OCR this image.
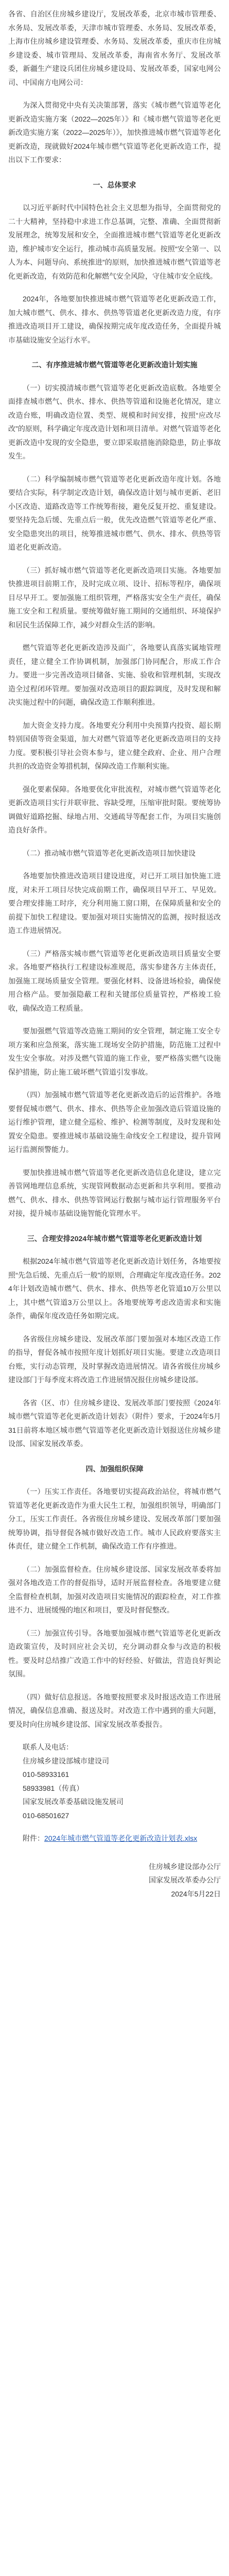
各省、自治区住房城乡建设厅，发展改革委，北京市城市管理委、水务局、发展改革委，天津市城市管理委、水务局、发展改革委，上海市住房城乡建设管理委、水务局、发展改革委，重庆市住房城乡建设委、城市管理局、发展改革委，海南省水务厅、发展改革委，新疆生产建设兵团住房城乡建设局、发展改革委，国家电网公司、中国南方电网公司：

为深入贯彻党中央有关决策部署，落实《城市燃气管道等老化更新改造实施方案（2022—2025年）》和《城市燃气管道等老化更新改造实施方案（2022—2025年）》，加快推进城市燃气管道等老化更新改造，现就做好2024年城市燃气管道等老化更新改造工作，提出以下工作要求：

一、总体要求

以习近平新时代中国特色社会主义思想为指导，全面贯彻党的二十大精神，坚持稳中求进工作总基调，完整、准确、全面贯彻新发展理念，统筹发展和安全，全面推进城市燃气管道等老化更新改造，维护城市安全运行，推动城市高质量发展。按照“安全第一、以人为本、问题导向、系统推进”的原则，加快推进城市燃气管道等老化更新改造，有效防范和化解燃气安全风险，守住城市安全底线。

2024年，各地要加快推进城市燃气管道等老化更新改造工作，加大城市燃气、供水、排水、供热等管道老化更新改造力度，有序推进改造项目开工建设，确保按期完成年度改造任务，全面提升城市基础设施安全运行水平。

二、有序推进城市燃气管道等老化更新改造计划实施

（一）切实摸清城市燃气管道等老化更新改造底数。各地要全面排查城市燃气、供水、排水、供热等管道和设施老化情况，建立改造台账，明确改造位置、类型、规模和时间安排，按照“应改尽改”的原则，科学确定年度改造计划和项目清单。对燃气管道等老化更新改造中发现的安全隐患，要立即采取措施消除隐患，防止事故发生。

（二）科学编制城市燃气管道等老化更新改造年度计划。各地要结合实际，科学制定改造计划，确保改造计划与城市更新、老旧小区改造、道路改造等工作统筹衔接，避免反复开挖、重复建设。要坚持先急后缓、先重点后一般，优先改造燃气管道等老化严重、安全隐患突出的项目，统筹推进城市燃气、供水、排水、供热等管道老化更新改造。

（三）抓好城市燃气管道等老化更新改造项目实施。各地要加快推进项目前期工作，及时完成立项、设计、招标等程序，确保项目尽早开工。要加强施工组织管理，严格落实安全生产责任，确保施工安全和工程质量。要统筹做好施工期间的交通组织、环境保护和居民生活保障工作，减少对群众生活的影响。

燃气管道等老化更新改造涉及面广，各地要认真落实属地管理责任，建立健全工作协调机制，加强部门协同配合，形成工作合力。要进一步完善改造项目储备、实施、验收和管理机制，实现改造全过程闭环管理。要加强对改造项目的跟踪调度，及时发现和解决实施过程中的问题，确保改造工作顺利推进。

加大资金支持力度。各地要充分利用中央预算内投资、超长期特别国债等资金渠道，加大对燃气管道等老化更新改造项目的支持力度。要积极引导社会资本参与，建立健全政府、企业、用户合理共担的改造资金筹措机制，保障改造工作顺利实施。

强化要素保障。各地要优化审批流程，对城市燃气管道等老化更新改造项目实行并联审批、容缺受理，压缩审批时限。要统筹协调做好道路挖掘、绿地占用、交通疏导等配套工作，为项目实施创造良好条件。

（二）推动城市燃气管道等老化更新改造项目加快建设

各地要加快推进改造项目建设进度，对已开工项目加快施工进度，对未开工项目尽快完成前期工作，确保项目早开工、早见效。要合理安排施工时序，充分利用施工窗口期，在保障质量和安全的前提下加快工程建设。要加强对项目实施情况的监测，按时报送改造工作进展情况。

（三）严格落实城市燃气管道等老化更新改造项目质量安全要求。各地要严格执行工程建设标准规范，落实参建各方主体责任，加强施工现场质量安全管理。要强化材料、设备进场检验，确保使用合格产品。要加强隐蔽工程和关键部位质量管控，严格竣工验收，确保改造工程质量。

要加强燃气管道等改造施工期间的安全管理，制定施工安全专项方案和应急预案，落实施工现场安全防护措施，防范施工过程中发生安全事故。对涉及燃气管道的施工作业，要严格落实燃气设施保护措施，防止施工破坏燃气管道引发事故。

（四）加强城市燃气管道等老化更新改造后的运营维护。各地要督促城市燃气、供水、排水、供热等企业加强改造后管道设施的运行维护管理，建立健全巡检、维护、检测等制度，及时发现和处置安全隐患。要推进城市基础设施生命线安全工程建设，提升管网运行监测预警能力。

要加快推进城市燃气管道等老化更新改造信息化建设，建立完善管网地理信息系统，实现管网数据动态更新和共享利用。要推动燃气、供水、排水、供热等管网运行数据与城市运行管理服务平台对接，提升城市基础设施智能化管理水平。

三、合理安排2024年城市燃气管道等老化更新改造计划

根据2024年城市燃气管道等老化更新改造计划任务，各地要按照“先急后缓、先重点后一般”的原则，合理确定年度改造任务。2024年计划改造城市燃气、供水、排水、供热等老化管道10万公里以上，其中燃气管道3万公里以上。各地要统筹考虑改造需求和实施条件，确保年度改造任务如期完成。

各省级住房城乡建设、发展改革部门要加强对本地区改造工作的指导，督促各城市按照年度计划抓好项目实施。要建立改造项目台账，实行动态管理，及时掌握改造进展情况。请各省级住房城乡建设部门于每季度末将改造工作进展情况报住房城乡建设部。

各省（区、市）住房城乡建设、发展改革部门要按照《2024年城市燃气管道等老化更新改造计划表》（附件）要求，于2024年5月31日前将本地区城市燃气管道等老化更新改造计划报送住房城乡建设部、国家发展改革委。

四、加强组织保障

（一）压实工作责任。各地要切实提高政治站位，将城市燃气管道等老化更新改造作为重大民生工程，加强组织领导，明确部门分工，压实工作责任。各省级住房城乡建设、发展改革部门要加强统筹协调，指导督促各城市做好改造工作。城市人民政府要落实主体责任，建立健全工作机制，确保改造工作有序推进。

（二）加强监督检查。住房城乡建设部、国家发展改革委将加强对各地改造工作的督促指导，适时开展监督检查。各地要建立健全监督检查机制，加强对改造项目实施情况的跟踪检查，对工作推进不力、进展缓慢的地区和项目，要及时督促整改。

（三）加强宣传引导。各地要加强城市燃气管道等老化更新改造政策宣传，及时回应社会关切，充分调动群众参与改造的积极性。要及时总结推广改造工作中的好经验、好做法，营造良好舆论氛围。

（四）做好信息报送。各地要按照要求及时报送改造工作进展情况，确保信息准确、报送及时。对改造工作中遇到的重大问题，要及时向住房城乡建设部、国家发展改革委报告。

联系人及电话：
住房城乡建设部城市建设司
010-58933161
58933981（传真）
国家发展改革委基础设施发展司
010-68501627
附件：2024年城市燃气管道等老化更新改造计划表.xlsx
住房城乡建设部办公厅
国家发展改革委办公厅
2024年5月22日
